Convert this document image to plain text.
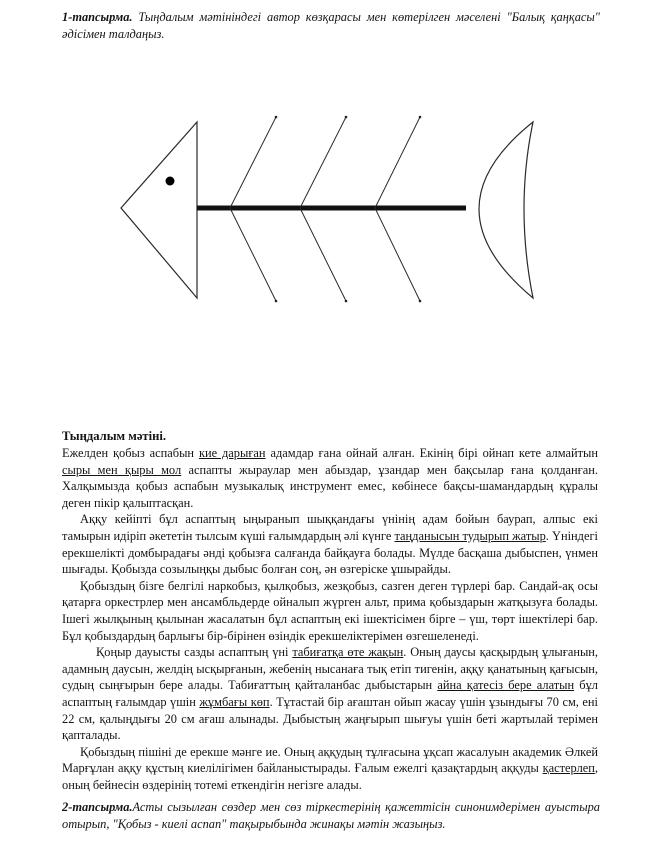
1-тапсырма. Тыңдалым мәтініндегі автор көзқарасы мен көтерілген мәселені "Балық қаңқасы" әдісімен талдаңыз.
Тыңдалым мәтіні.

Ежелден қобыз аспабын кие дарыған адамдар ғана ойнай алған. Екінің бірі ойнап кете алмайтын сыры мен қыры мол аспапты жыраулар мен абыздар, ұзандар мен бақсылар ғана қолданған. Халқымызда қобыз аспабын музыкалық инструмент емес, көбінесе бақсы-шамандардың құралы деген пікір қалыптасқан.

Аққу кейіпті бұл аспаптың ыңыранып шыққандағы үнінің адам бойын баурап, алпыс екі тамырын идіріп әкететін тылсым күші ғалымдардың әлі күнге таңданысын тудырып жатыр. Үніндегі ерекшелікті домбырадағы әнді қобызға салғанда байқауға болады. Мүлде басқаша дыбыспен, үнмен шығады. Қобызда созылыңқы дыбыс болған соң, ән өзгеріске ұшырайды.

Қобыздың бізге белгілі наркобыз, қылқобыз, жезқобыз, сазген деген түрлері бар. Сандай-ақ осы қатарға оркестрлер мен ансамбльдерде ойналып жүрген альт, прима қобыздарын жатқызуға болады. Ішегі жылқының қылынан жасалатын бұл аспаптың екі ішектісімен бірге – үш, төрт ішектілері бар. Бұл қобыздардың барлығы бір-бірінен өзіндік ерекшеліктерімен өзгешеленеді.

Қоңыр дауысты сазды аспаптың үні табиғатқа өте жақын. Оның даусы қасқырдың ұлығанын, адамның даусын, желдің ысқырғанын, жебенің нысанаға тық етіп тигенін, аққу қанатының қағысын, судың сыңғырын бере алады. Табиғаттың қайталанбас дыбыстарын айна қатесіз бере алатын бұл аспаптың ғалымдар үшін жұмбағы көп. Тұтастай бір ағаштан ойып жасау үшін ұзындығы 70 см, ені 22 см, қалыңдығы 20 см ағаш алынады. Дыбыстың жаңғырып шығуы үшін беті жартылай терімен қапталады.

Қобыздың пішіні де ерекше мәнге ие. Оның аққудың тұлғасына ұқсап жасалуын академик Әлкей Марғұлан аққу құстың киелілігімен байланыстырады. Ғалым ежелгі қазақтардың аққуды қастерлеп, оның бейнесін өздерінің тотемі еткендігін негізге алады.

2-тапсырма.Асты сызылған сөздер мен сөз тіркестерінің қажеттісін синонимдерімен ауыстыра отырып, "Қобыз - киелі аспап" тақырыбында жинақы мәтін жазыңыз.
